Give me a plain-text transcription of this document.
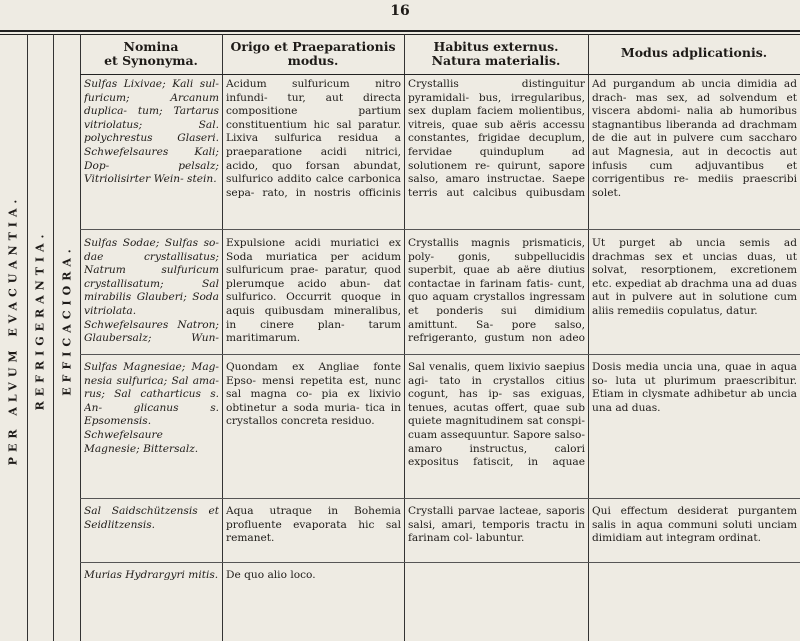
16
Nomina
et Synonyma.
Origo et Praeparationis
modus.
Habitus externus.
Natura materialis.
Modus adplicationis.
PER ALVUM EVACUANTIA. REFRIGERANTIA. EFFICACIORA.
Sulfas Lixivae; Kali sul- furicum; Arcanum duplica- tum; Tartarus vitriolatus; Sal. polychrestus Glaseri. Schwefelsaures Kali; Dop- pelsalz; Vitriolisirter Wein- stein.
Acidum sulfuricum nitro infundi- tur, aut directa compositione partium constituentium hic sal paratur. Lixiva sulfurica residua a praeparatione acidi nitrici, acido, quo forsan abundat, sulfurico addito calce carbonica sepa- rato, in nostris officinis
Crystallis distinguitur pyramidali- bus, irregularibus, sex duplam faciem molientibus, vitreis, quae sub aëris accessu constantes, frigidae decuplum, fervidae quinduplum ad solutionem re- quirunt, sapore salso, amaro instructae. Saepe terris aut calcibus quibusdam
Ad purgandum ab uncia dimidia ad drach- mas sex, ad solvendum et viscera abdomi- nalia ab humoribus stagnantibus liberanda ad drachmam de die aut in pulvere cum saccharo aut Magnesia, aut in decoctis aut infusis cum adjuvantibus et corrigentibus re- mediis praescribi solet.
Sulfas Sodae; Sulfas so- dae crystallisatus; Natrum sulfuricum crystallisatum; Sal mirabilis Glauberi; Soda vitriolata. Schwefelsaures Natron; Glaubersalz; Wun-
Expulsione acidi muriatici ex Soda muriatica per acidum sulfuricum prae- paratur, quod plerumque acido abun- dat sulfurico. Occurrit quoque in aquis quibusdam mineralibus, in cinere plan- tarum maritimarum.
Crystallis magnis prismaticis, poly- gonis, subpellucidis superbit, quae ab aëre diutius contactae in farinam fatis- cunt, quo aquam crystallos ingressam et ponderis sui dimidium amittunt. Sa- pore salso, refrigeranto, gustum non adeo
Ut purget ab uncia semis ad drachmas sex et uncias duas, ut solvat, resorptionem, excretionem etc. expediat ab drachma una ad duas aut in pulvere aut in solutione cum aliis remediis copulatus, datur.
Sulfas Magnesiae; Mag- nesia sulfurica; Sal ama- rus; Sal catharticus s. An- glicanus s. Epsomensis. Schwefelsaure Magnesie; Bittersalz.
Quondam ex Angliae fonte Epso- mensi repetita est, nunc sal magna co- pia ex lixivio obtinetur a soda muria- tica in crystallos concreta residuo.
Sal venalis, quem lixivio saepius agi- tato in crystallos citius cogunt, has ip- sas exiguas, tenues, acutas offert, quae sub quiete magnitudinem sat conspi- cuam assequuntur. Sapore salso-amaro instructus, calori expositus fatiscit, in aquae
Dosis media uncia una, quae in aqua so- luta ut plurimum praescribitur. Etiam in clysmate adhibetur ab uncia una ad duas.
Sal Saidschützensis et Seidlitzensis.
Aqua utraque in Bohemia profluente evaporata hic sal remanet.
Crystalli parvae lacteae, saporis salsi, amari, temporis tractu in farinam col- labuntur.
Qui effectum desiderat purgantem salis in aqua communi soluti unciam dimidiam aut integram ordinat.
Murias Hydrargyri mitis. De quo alio loco.
